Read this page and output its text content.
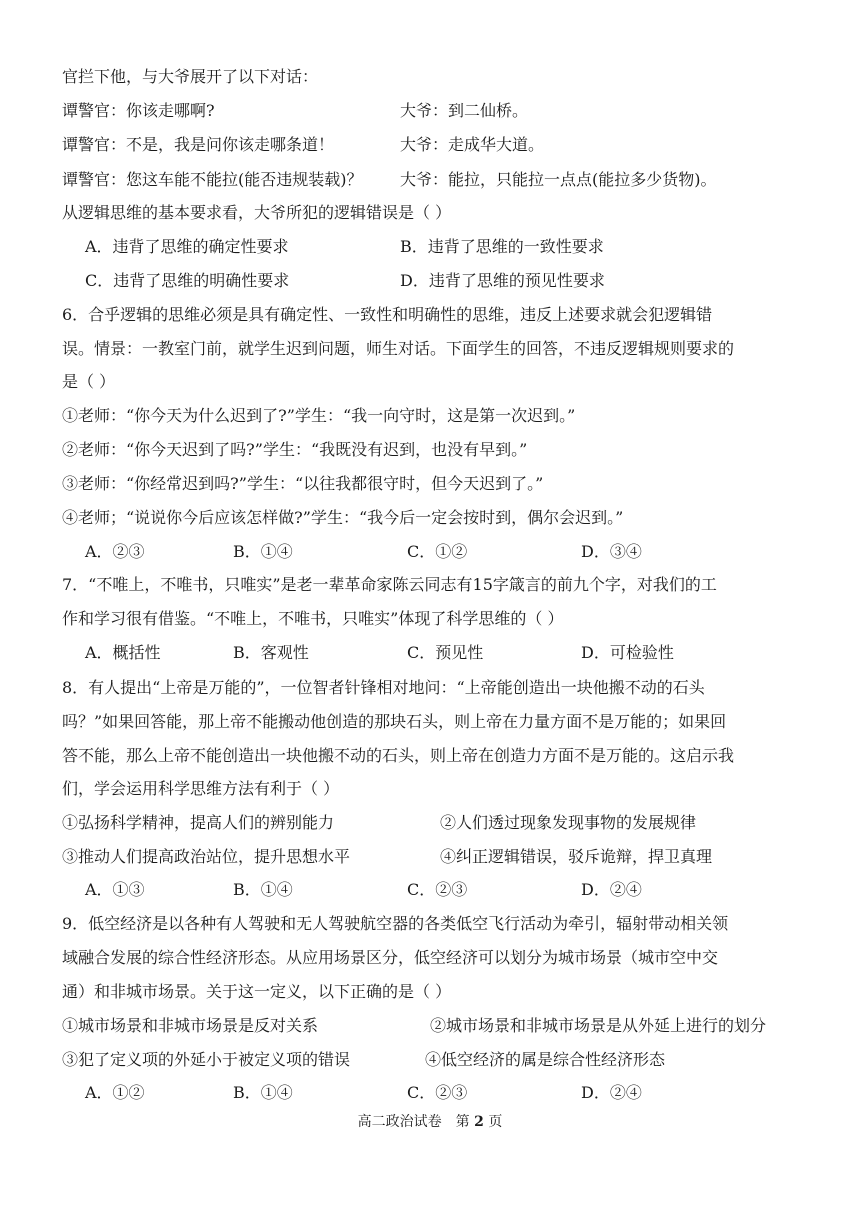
官拦下他，与大爷展开了以下对话：
谭警官：你该走哪啊?	大爷：到二仙桥。
谭警官：不是，我是问你该走哪条道！	大爷：走成华大道。
谭警官：您这车能不能拉(能否违规装载)？ 大爷：能拉，只能拉一点点(能拉多少货物)。
从逻辑思维的基本要求看，大爷所犯的逻辑错误是（ ）
A．违背了思维的确定性要求	B．违背了思维的一致性要求
C．违背了思维的明确性要求	D．违背了思维的预见性要求
6．合乎逻辑的思维必须是具有确定性、一致性和明确性的思维，违反上述要求就会犯逻辑错
误。情景：一教室门前，就学生迟到问题，师生对话。下面学生的回答，不违反逻辑规则要求的
是（ ）
①老师：“你今天为什么迟到了?”学生：“我一向守时，这是第一次迟到。”
②老师：“你今天迟到了吗?”学生：“我既没有迟到，也没有早到。”
③老师：“你经常迟到吗?”学生：“以往我都很守时，但今天迟到了。”
④老师；“说说你今后应该怎样做?”学生：“我今后一定会按时到，偶尔会迟到。”
A．②③	B．①④	C．①②	D．③④
7．“不唯上，不唯书，只唯实”是老一辈革命家陈云同志有15字箴言的前九个字，对我们的工
作和学习很有借鉴。“不唯上，不唯书，只唯实”体现了科学思维的（ ）
A．概括性	B．客观性	C．预见性	D．可检验性
8．有人提出“上帝是万能的”，一位智者针锋相对地问：“上帝能创造出一块他搬不动的石头
吗？”如果回答能，那上帝不能搬动他创造的那块石头，则上帝在力量方面不是万能的；如果回
答不能，那么上帝不能创造出一块他搬不动的石头，则上帝在创造力方面不是万能的。这启示我
们，学会运用科学思维方法有利于（ ）
①弘扬科学精神，提高人们的辨别能力	②人们透过现象发现事物的发展规律
③推动人们提高政治站位，提升思想水平	④纠正逻辑错误，驳斥诡辩，捍卫真理
A．①③	B．①④	C．②③	D．②④
9．低空经济是以各种有人驾驶和无人驾驶航空器的各类低空飞行活动为牵引，辐射带动相关领
域融合发展的综合性经济形态。从应用场景区分，低空经济可以划分为城市场景（城市空中交
通）和非城市场景。关于这一定义，以下正确的是（ ）
①城市场景和非城市场景是反对关系	②城市场景和非城市场景是从外延上进行的划分
③犯了定义项的外延小于被定义项的错误	④低空经济的属是综合性经济形态
A．①②	B．①④	C．②③	D．②④
高二政治试卷　第 2 页
